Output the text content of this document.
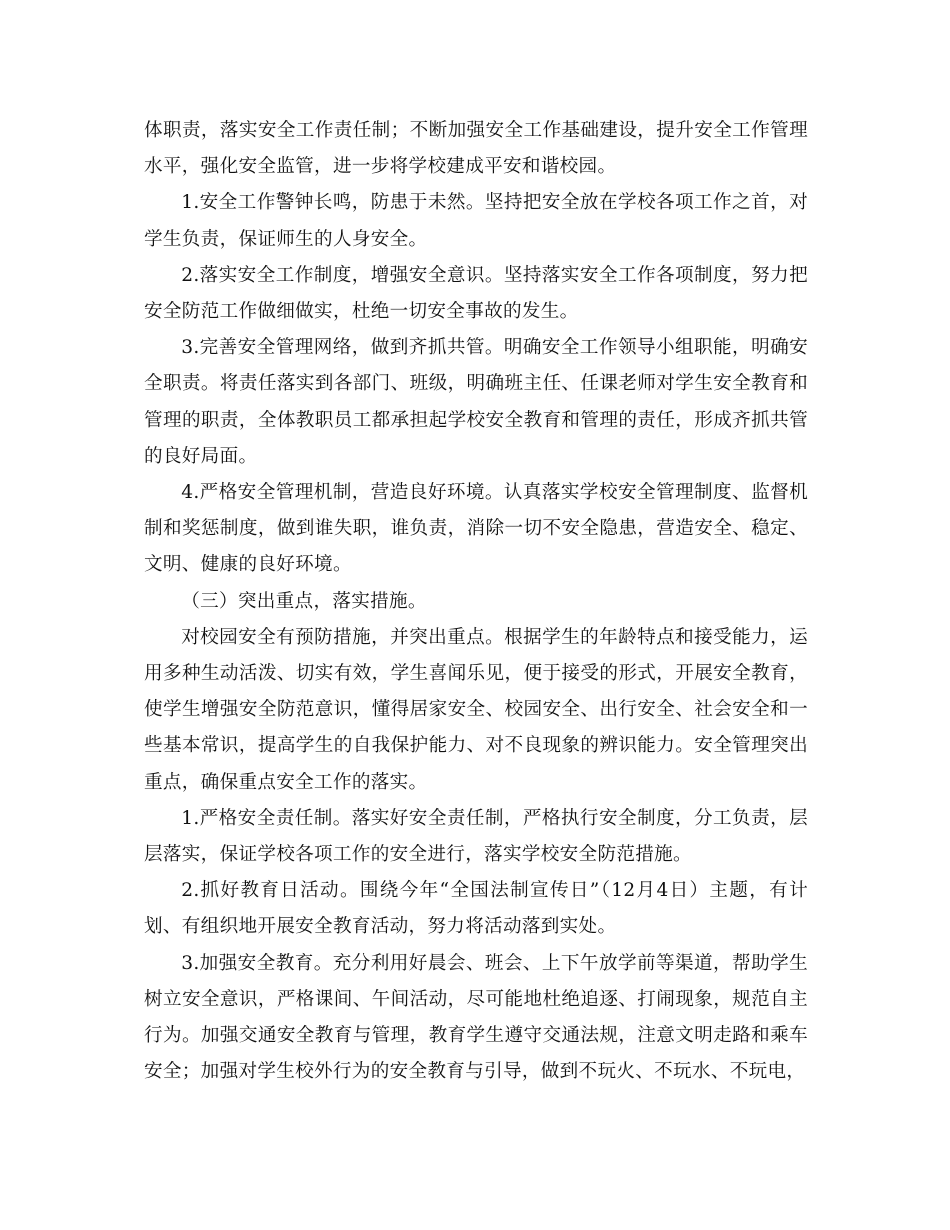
体职责，落实安全工作责任制；不断加强安全工作基础建设，提升安全工作管理水平，强化安全监管，进一步将学校建成平安和谐校园。

1.安全工作警钟长鸣，防患于未然。坚持把安全放在学校各项工作之首，对学生负责，保证师生的人身安全。

2.落实安全工作制度，增强安全意识。坚持落实安全工作各项制度，努力把安全防范工作做细做实，杜绝一切安全事故的发生。

3.完善安全管理网络，做到齐抓共管。明确安全工作领导小组职能，明确安全职责。将责任落实到各部门、班级，明确班主任、任课老师对学生安全教育和管理的职责，全体教职员工都承担起学校安全教育和管理的责任，形成齐抓共管的良好局面。

4.严格安全管理机制，营造良好环境。认真落实学校安全管理制度、监督机制和奖惩制度，做到谁失职，谁负责，消除一切不安全隐患，营造安全、稳定、文明、健康的良好环境。

（三）突出重点，落实措施。

对校园安全有预防措施，并突出重点。根据学生的年龄特点和接受能力，运用多种生动活泼、切实有效，学生喜闻乐见，便于接受的形式，开展安全教育，使学生增强安全防范意识，懂得居家安全、校园安全、出行安全、社会安全和一些基本常识，提高学生的自我保护能力、对不良现象的辨识能力。安全管理突出重点，确保重点安全工作的落实。

1.严格安全责任制。落实好安全责任制，严格执行安全制度，分工负责，层层落实，保证学校各项工作的安全进行，落实学校安全防范措施。

2.抓好教育日活动。围绕今年“全国法制宣传日”（12月4日）主题，有计划、有组织地开展安全教育活动，努力将活动落到实处。

3.加强安全教育。充分利用好晨会、班会、上下午放学前等渠道，帮助学生树立安全意识，严格课间、午间活动，尽可能地杜绝追逐、打闹现象，规范自主行为。加强交通安全教育与管理，教育学生遵守交通法规，注意文明走路和乘车安全；加强对学生校外行为的安全教育与引导，做到不玩火、不玩水、不玩电，
